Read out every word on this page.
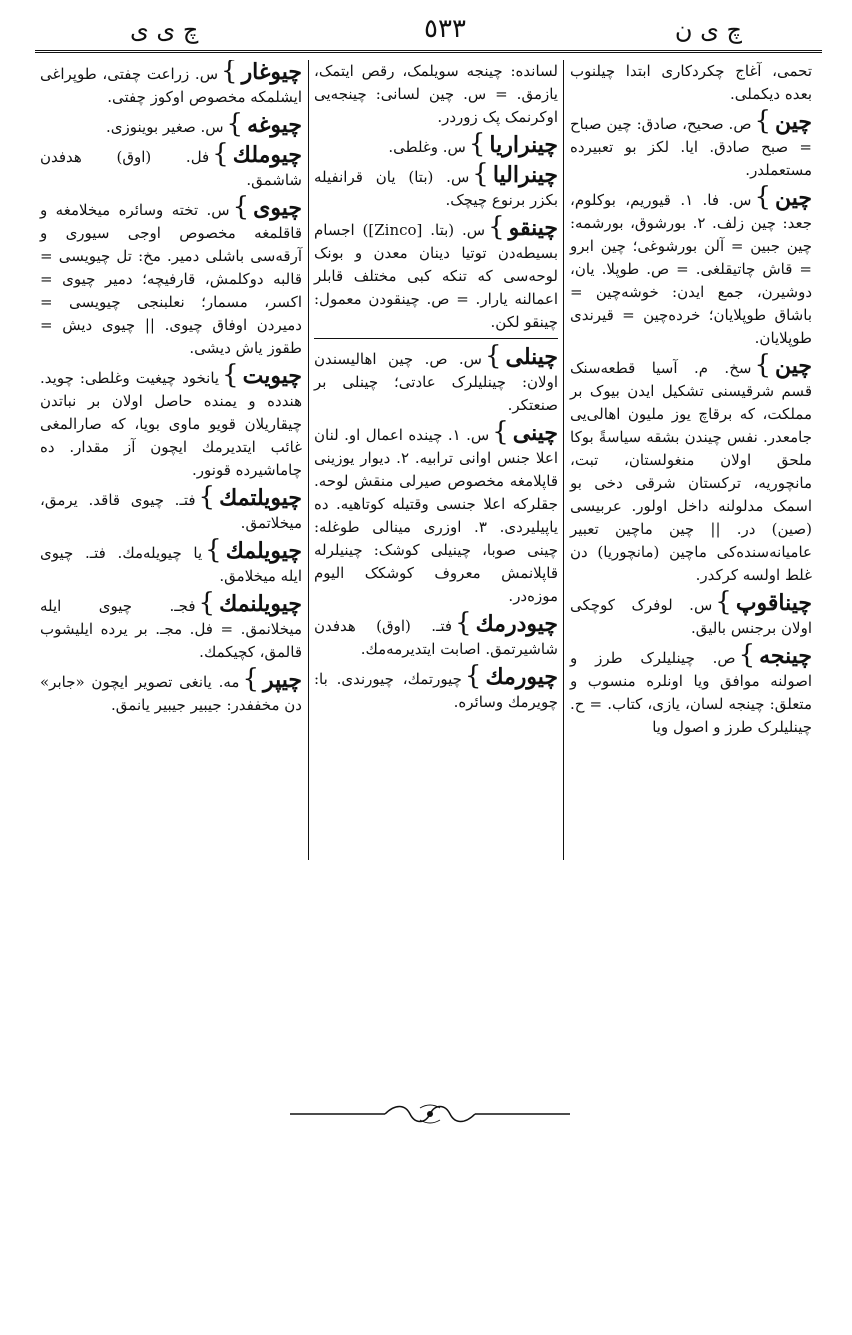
چ ی ی	٥٣٣	چ ی ن
تحمی، آغاج چکردکاری ابتدا چیلنوب بعده دیکملی.
چین}ص. صحیح، صادق: چین صباح = صبح صادق. ایا. لکز بو تعبیرده مستعملدر.
چین}س. فا. ۱. قیوریم، بوکلوم، جعد: چین زلف. ۲. بورشوق، بورشمه: چین جبین = آلن بورشوغی؛ چین ابرو = قاش چاتیقلغی. = ص. طوپلا. یان، دوشیرن، جمع ایدن: خوشه‌چین = باشاق طوپلایان؛ خرده‌چین = قیرندی طوپلایان.
چین}سخ. م. آسیا قطعه‌سنک قسم شرقیسنی تشکیل ایدن بیوک بر مملکت، که برقاچ یوز ملیون اهالی‌یی جامعدر. نفس چیندن بشقه سیاسةً بوکا ملحق اولان منغولستان، تبت، مانچوریه، ترکستان شرقی دخی بو اسمک مدلولنه داخل اولور. عربیسی (صین) در. || چین ماچین تعبیر عامیانه‌سنده‌کی ماچین (مانچوریا) دن غلط اولسه کرکدر.
چیناقوپ}س. لوفرک کوچکی اولان برجنس بالیق.
چینجه}ص. چینلیلرک طرز و اصولنه موافق ویا اونلره منسوب و متعلق: چینجه لسان، یازی، کتاب. = ح. چینلیلرک طرز و اصول ویا
لسانده: چینجه سویلمک، رقص ایتمک، یازمق. = س. چین لسانی: چینجه‌یی اوکرنمک پک زوردر.
چینراریا}س. وغلطی.
چینرالیا}س. (بتا) یان قرانفیله بکزر برنوع چیچک.
چینقو}س. (بتا. [Zinco]) اجسام بسیطه‌دن توتیا دینان معدن و بونک لوحه‌سی که تنکه کبی مختلف قابلر اعمالنه یارار. = ص. چینقودن معمول: چینقو لکن.
چینلی}س. ص. چین اهالیسندن اولان: چینلیلرک عادتی؛ چینلی بر صنعتکر.
چینی}س. ۱. چینده اعمال او. لنان اعلا جنس اوانی ترابیه. ۲. دیوار یوزینی قاپلامغه مخصوص صیرلی منقش لوحه. جقلرکه اعلا جنسی وقتیله کوتاهیه. ده یاپیلیردی. ۳. اوزری مینالی طوغله: چینی صوبا، چینیلی کوشک: چینیلرله قاپلانمش معروف کوشکک الیوم موزه‌در.
چیودرمك}فتـ. (اوق) هدفدن شاشیرتمق. اصابت ایتدیرمه‌مك.
چیورمك}چیورتمك، چیورندی. با: چویرمك وسائره.
چیوغار}س. زراعت چفتی، طوپراغی ایشلمکه مخصوص اوکوز چفتی.
چیوغه}س. صغیر بوینوزی.
چیوملك}فل. (اوق) هدفدن شاشمق.
چیوی}س. تخته وسائره میخلامغه و قاقلمغه مخصوص اوجی سیوری و آرقه‌سی باشلی دمیر. مخ: تل چیویسی = قالبه دوکلمش، قارفیچه؛ دمیر چیوی = اکسر، مسمار؛ نعلبنجی چیویسی = دمیردن اوفاق چیوی. || چیوی دیش = طقوز یاش دیشی.
چیویت}یانخود چیغیت وغلطی: چوید. هندده و یمنده حاصل اولان بر نباتدن چیقاریلان قویو ماوی بویا، که صارالمغی غائب ایتدیرمك ایچون آز مقدار. ده چاماشیرده قونور.
چیویلتمك}فتـ. چیوی قاقد. یرمق، میخلاتمق.
چیویلمك}یا چیویله‌مك. فتـ. چیوی ایله میخلامق.
چیویلنمك}فجـ. چیوی ایله میخلانمق. = فل. مجـ. بر یرده ایلیشوب قالمق، کچیکمك.
چیپر}مه. یانغی تصویر ایچون «جابر» دن مخففدر: جیبیر جیبیر یانمق.
